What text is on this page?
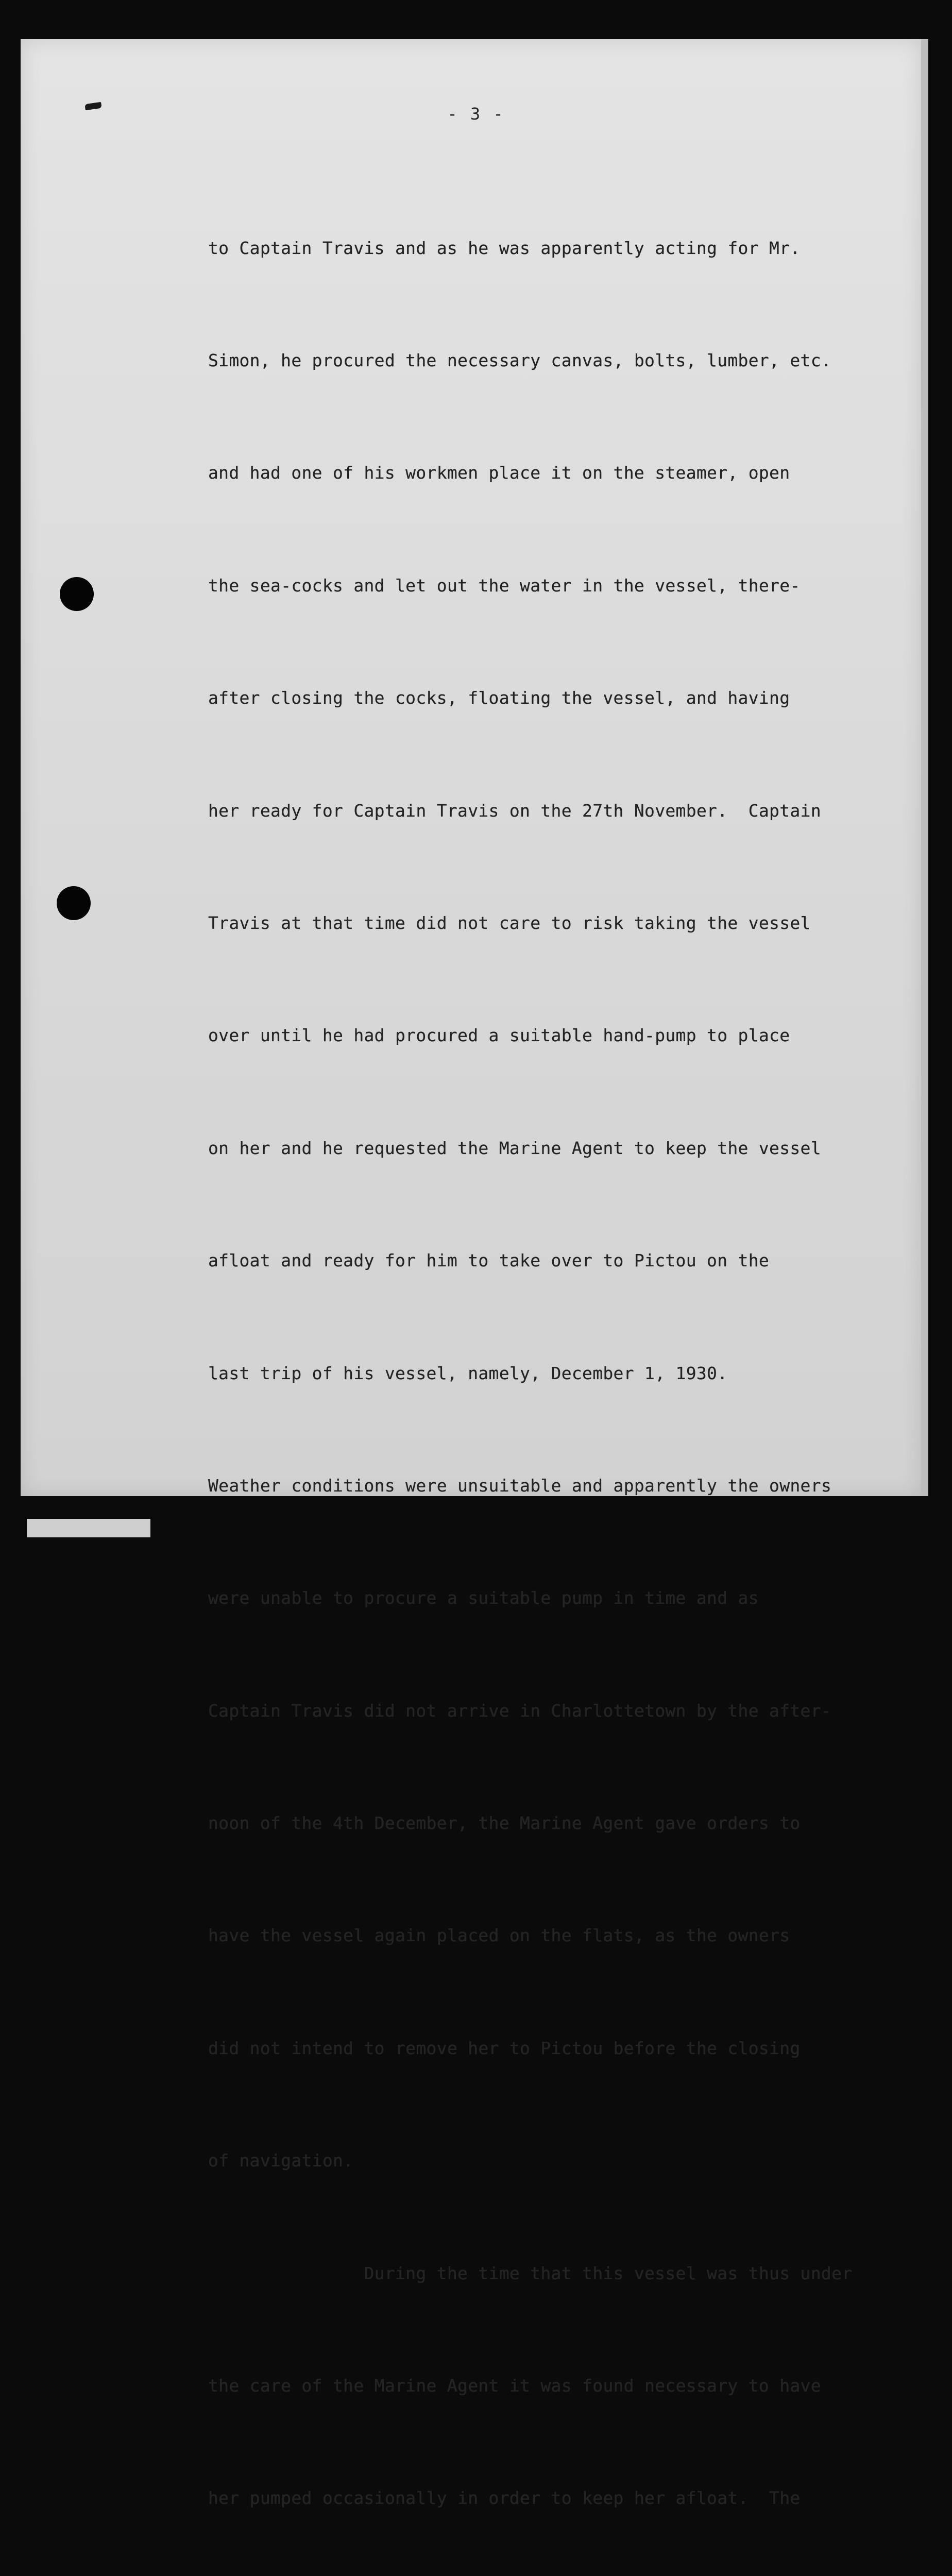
- 3 -

to Captain Travis and as he was apparently acting for Mr.

Simon, he procured the necessary canvas, bolts, lumber, etc.

and had one of his workmen place it on the steamer, open

the sea-cocks and let out the water in the vessel, there-

after closing the cocks, floating the vessel, and having

her ready for Captain Travis on the 27th November.  Captain

Travis at that time did not care to risk taking the vessel

over until he had procured a suitable hand-pump to place

on her and he requested the Marine Agent to keep the vessel

afloat and ready for him to take over to Pictou on the

last trip of his vessel, namely, December 1, 1930.

Weather conditions were unsuitable and apparently the owners

were unable to procure a suitable pump in time and as

Captain Travis did not arrive in Charlottetown by the after-

noon of the 4th December, the Marine Agent gave orders to

have the vessel again placed on the flats, as the owners

did not intend to remove her to Pictou before the closing

of navigation.

During the time that this vessel was thus under

the care of the Marine Agent it was found necessary to have

her pumped occasionally in order to keep her afloat.  The
